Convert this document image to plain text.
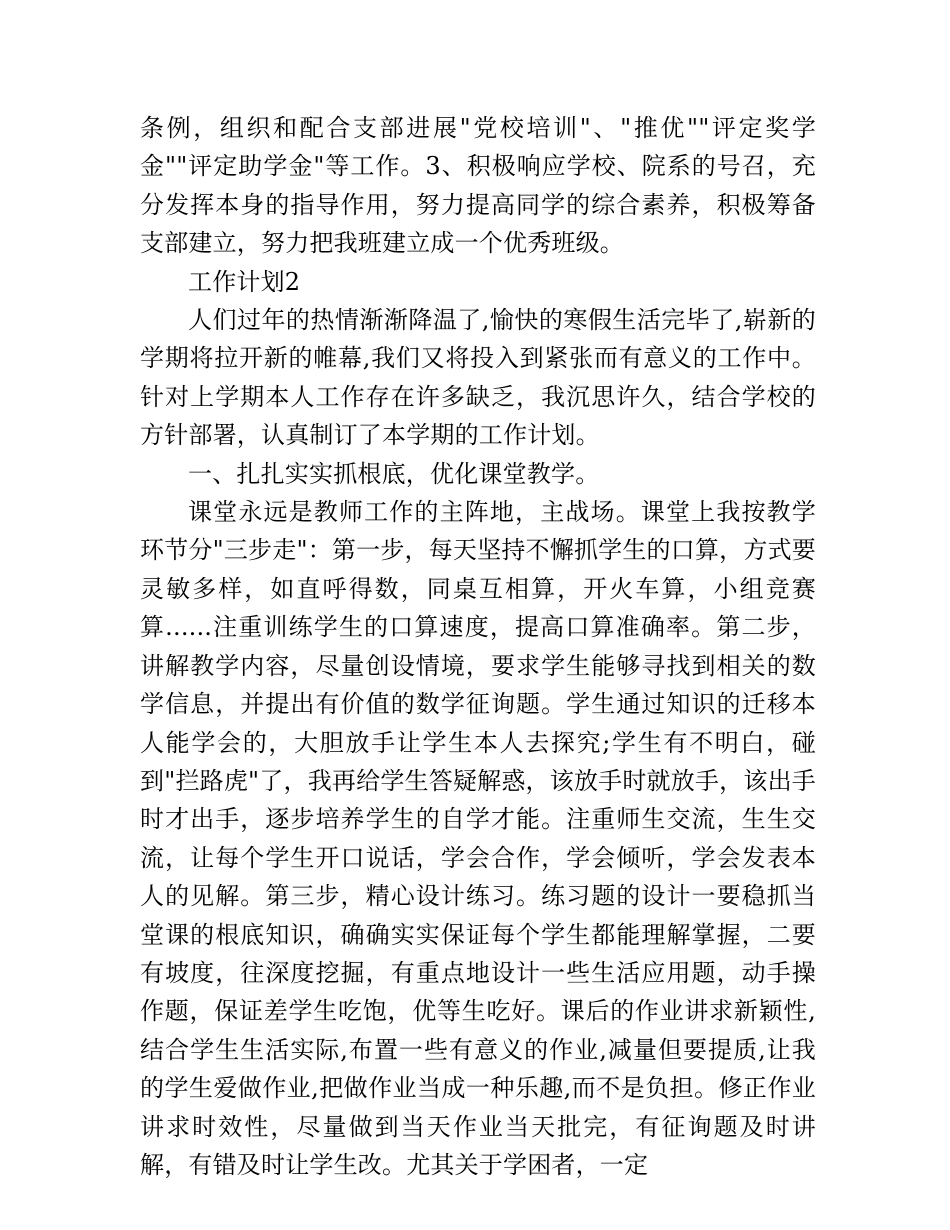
条例，组织和配合支部进展"党校培训"、"推优""评定奖学金""评定助学金"等工作。3、积极响应学校、院系的号召，充分发挥本身的指导作用，努力提高同学的综合素养，积极筹备支部建立，努力把我班建立成一个优秀班级。

工作计划2

人们过年的热情渐渐降温了,愉快的寒假生活完毕了,崭新的学期将拉开新的帷幕,我们又将投入到紧张而有意义的工作中。针对上学期本人工作存在许多缺乏，我沉思许久，结合学校的方针部署，认真制订了本学期的工作计划。

一、扎扎实实抓根底，优化课堂教学。

课堂永远是教师工作的主阵地，主战场。课堂上我按教学环节分"三步走"：第一步，每天坚持不懈抓学生的口算，方式要灵敏多样，如直呼得数，同桌互相算，开火车算，小组竞赛算......注重训练学生的口算速度，提高口算准确率。第二步，讲解教学内容，尽量创设情境，要求学生能够寻找到相关的数学信息，并提出有价值的数学征询题。学生通过知识的迁移本人能学会的，大胆放手让学生本人去探究;学生有不明白，碰到"拦路虎"了，我再给学生答疑解惑，该放手时就放手，该出手时才出手，逐步培养学生的自学才能。注重师生交流，生生交流，让每个学生开口说话，学会合作，学会倾听，学会发表本人的见解。第三步，精心设计练习。练习题的设计一要稳抓当堂课的根底知识，确确实实保证每个学生都能理解掌握，二要有坡度，往深度挖掘，有重点地设计一些生活应用题，动手操作题，保证差学生吃饱，优等生吃好。课后的作业讲求新颖性,结合学生生活实际,布置一些有意义的作业,减量但要提质,让我的学生爱做作业,把做作业当成一种乐趣,而不是负担。修正作业讲求时效性，尽量做到当天作业当天批完，有征询题及时讲解，有错及时让学生改。尤其关于学困者，一定
